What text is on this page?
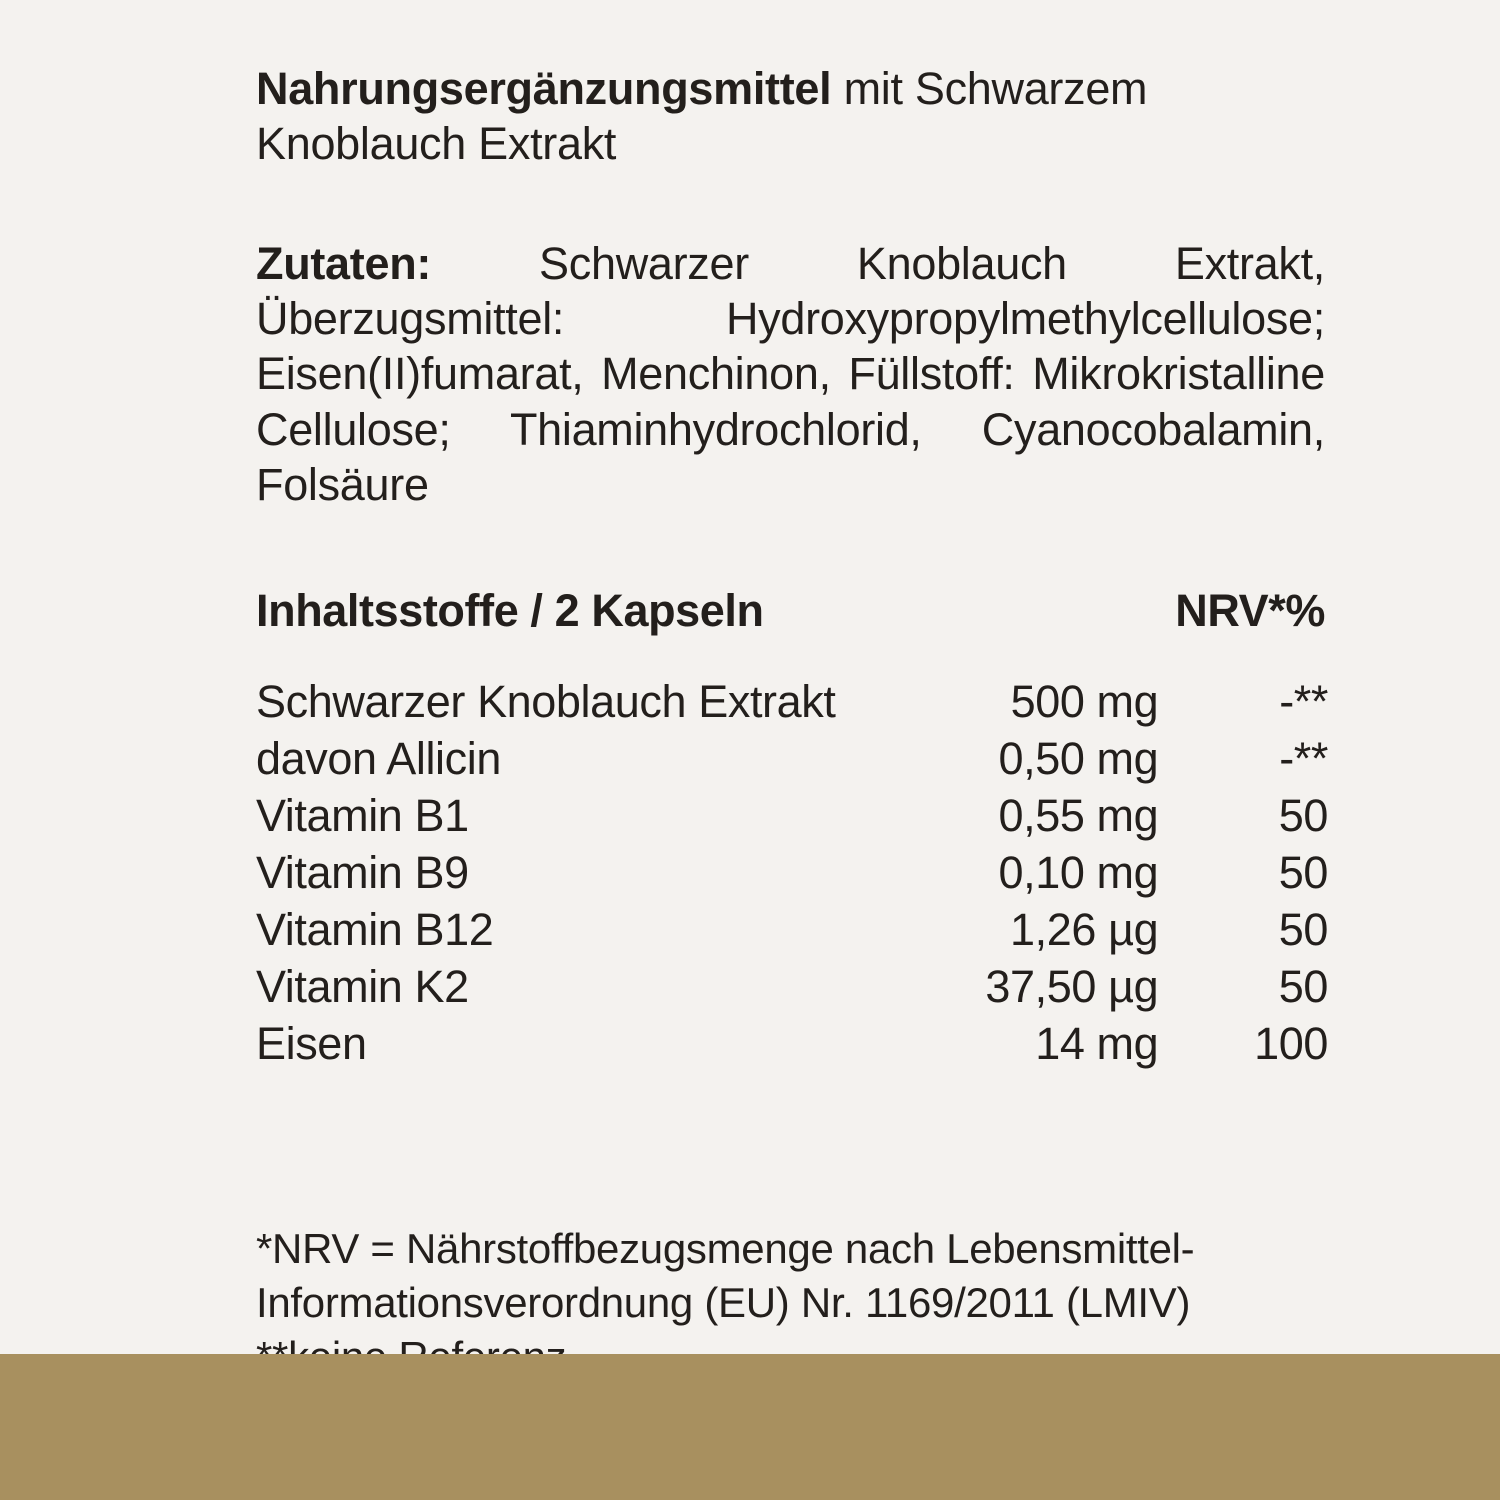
Nahrungsergänzungsmittel mit Schwarzem Knoblauch Extrakt

Zutaten: Schwarzer Knoblauch Extrakt, Überzugsmittel: Hydroxypropylmethylcellulose; Eisen(II)fumarat, Menchinon, Füllstoff: Mikrokristalline Cellulose; Thiaminhydrochlorid, Cyanocobalamin, Folsäure

Inhaltsstoffe / 2 Kapseln	NRV*%
Schwarzer Knoblauch Extrakt	500 mg	-**
davon Allicin	0,50 mg	-**
Vitamin B1	0,55 mg	50
Vitamin B9	0,10 mg	50
Vitamin B12	1,26 µg	50
Vitamin K2	37,50 µg	50
Eisen	14 mg	100
*NRV = Nährstoffbezugsmenge nach Lebensmittel-Informationsverordnung (EU) Nr. 1169/2011 (LMIV)
